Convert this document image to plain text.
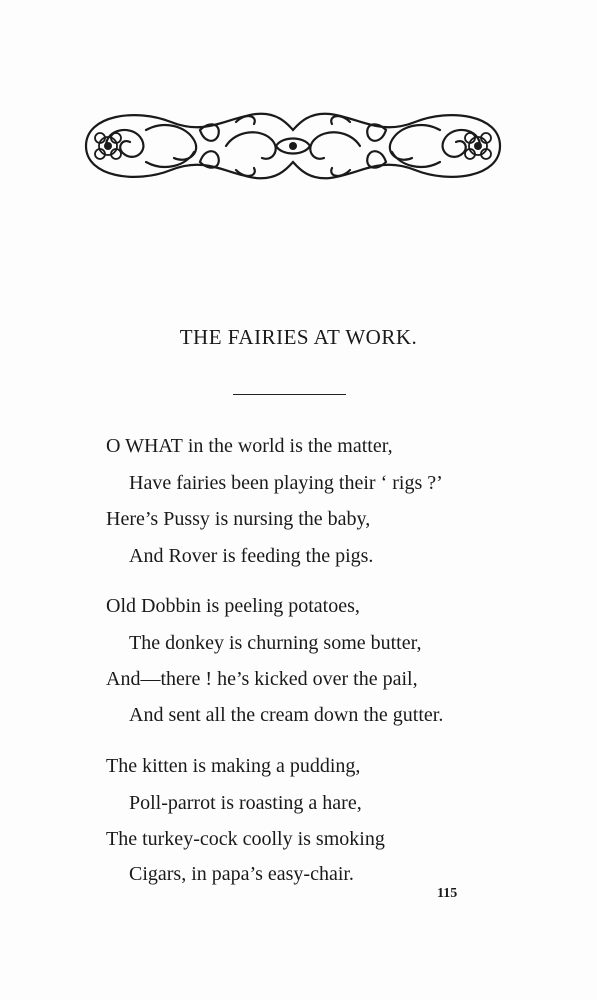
THE FAIRIES AT WORK.
O WHAT in the world is the matter,
Have fairies been playing their ‘ rigs ?’
Here’s Pussy is nursing the baby,
And Rover is feeding the pigs.
Old Dobbin is peeling potatoes,
The donkey is churning some butter,
And—there ! he’s kicked over the pail,
And sent all the cream down the gutter.
The kitten is making a pudding,
Poll-parrot is roasting a hare,
The turkey-cock coolly is smoking
Cigars, in papa’s easy-chair.
115
